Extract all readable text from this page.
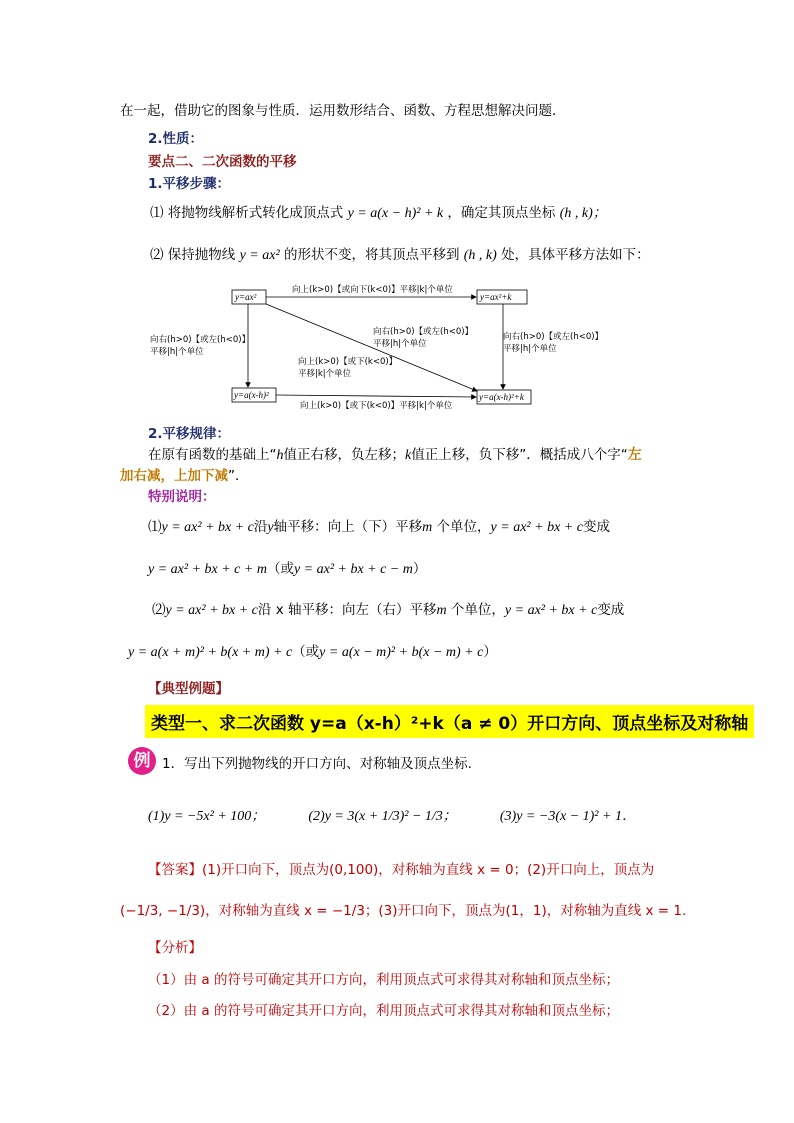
在一起，借助它的图象与性质．运用数形结合、函数、方程思想解决问题．
2.性质：
要点二、二次函数的平移
1.平移步骤：
⑴ 将抛物线解析式转化成顶点式 y = a(x − h)² + k ，确定其顶点坐标 (h , k)；
⑵ 保持抛物线 y = ax² 的形状不变，将其顶点平移到 (h , k) 处，具体平移方法如下：
y=ax²	y=ax²+k
y=a(x-h)²	y=a(x-h)²+k
向上(k>0)【或向下(k<0)】平移|k|个单位
向上(k>0)【或下(k<0)】平移|k|个单位
向右(h>0)【或左(h<0)】
平移|h|个单位
向右(h>0)【或左(h<0)】
平移|h|个单位
向右(h>0)【或左(h<0)】
平移|h|个单位
向上(k>0)【或下(k<0)】
平移|k|个单位
2.平移规律：
在原有函数的基础上“h值正右移，负左移；k值正上移，负下移”．概括成八个字“左
加右减，上加下减”．
特别说明：
⑴y = ax² + bx + c沿y轴平移：向上（下）平移m 个单位，y = ax² + bx + c变成
y = ax² + bx + c + m（或y = ax² + bx + c − m）
⑵y = ax² + bx + c沿 x 轴平移：向左（右）平移m 个单位，y = ax² + bx + c变成
y = a(x + m)² + b(x + m) + c（或y = a(x − m)² + b(x − m) + c）
【典型例题】
类型一、求二次函数 y=a（x-h）²+k（a ≠ 0）开口方向、顶点坐标及对称轴
例 1．写出下列抛物线的开口方向、对称轴及顶点坐标.
(1)y = −5x² + 100；	(2)y = 3(x + 1/3)² − 1/3；	(3)y = −3(x − 1)² + 1．
【答案】(1)开口向下，顶点为(0,100)，对称轴为直线 x = 0；(2)开口向上，顶点为
(−1/3, −1/3)，对称轴为直线 x = −1/3；(3)开口向下，顶点为(1，1)，对称轴为直线 x = 1.
【分析】
（1）由 a 的符号可确定其开口方向，利用顶点式可求得其对称轴和顶点坐标；
（2）由 a 的符号可确定其开口方向，利用顶点式可求得其对称轴和顶点坐标；
